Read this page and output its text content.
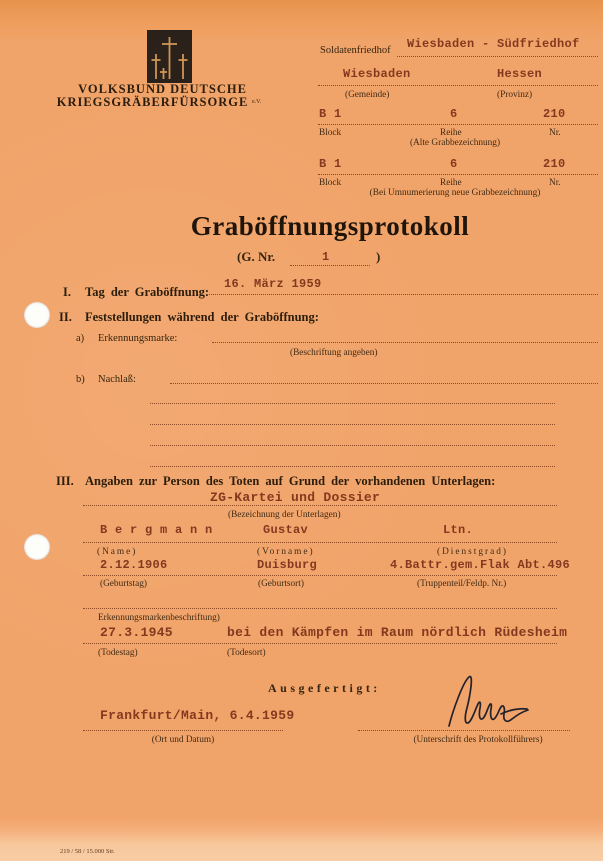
VOLKSBUND DEUTSCHE
KRIEGSGRÄBERFÜRSORGE e.V.
Soldatenfriedhof Wiesbaden - Südfriedhof
Wiesbaden	Hessen
(Gemeinde)	(Provinz)
B 1	6	210
Block	Reihe	Nr.
(Alte Grabbezeichnung)
B 1	6	210
Block	Reihe	Nr.
(Bei Umnumerierung neue Grabbezeichnung)
Graböffnungsprotokoll
(G. Nr.	1	)
I. Tag der Graböffnung:
16. März 1959
II. Feststellungen während der Graböffnung:
a) Erkennungsmarke:
(Beschriftung angeben)
b) Nachlaß:
III. Angaben zur Person des Toten auf Grund der vorhandenen Unterlagen:
ZG-Kartei und Dossier
(Bezeichnung der Unterlagen)
B e r g m a n n	Gustav	Ltn.
(Name)	(Vorname)	(Dienstgrad)
2.12.1906	Duisburg	4.Battr.gem.Flak Abt.496
(Geburtstag)	(Geburtsort)	(Truppenteil/Feldp. Nr.)
Erkennungsmarkenbeschriftung)
27.3.1945	bei den Kämpfen im Raum nördlich Rüdesheim
(Todestag)	(Todesort)
Ausgefertigt:
Frankfurt/Main, 6.4.1959
(Ort und Datum)	(Unterschrift des Protokollführers)
219 / 58 / 15.000 Str.
